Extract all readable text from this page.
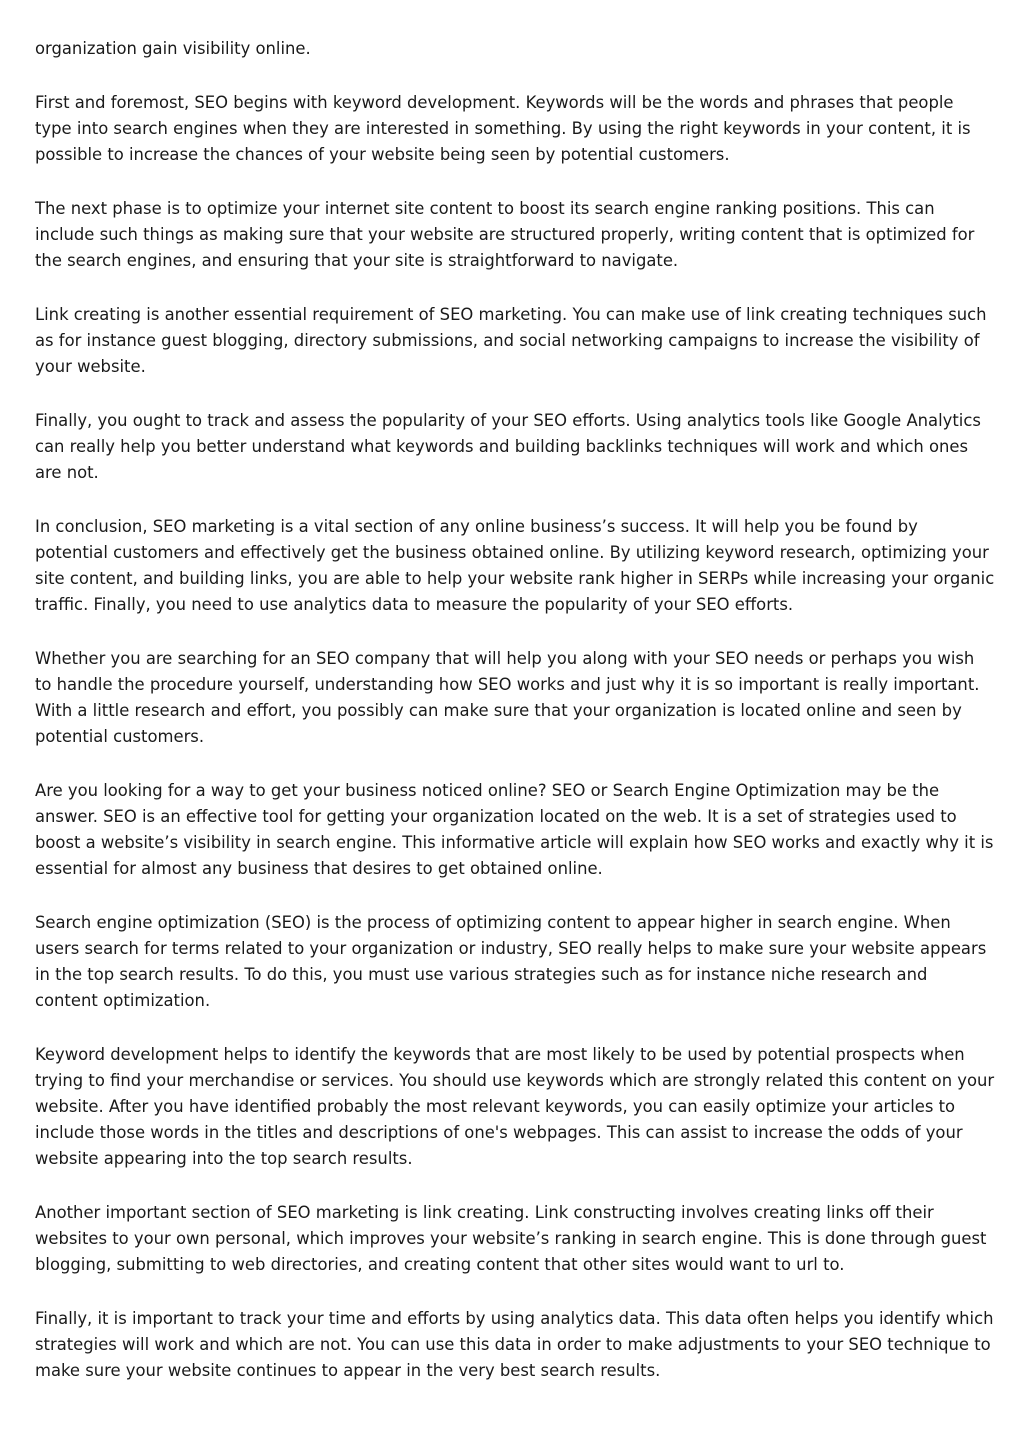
organization gain visibility online.

First and foremost, SEO begins with keyword development. Keywords will be the words and phrases that people type into search engines when they are interested in something. By using the right keywords in your content, it is possible to increase the chances of your website being seen by potential customers.

The next phase is to optimize your internet site content to boost its search engine ranking positions. This can include such things as making sure that your website are structured properly, writing content that is optimized for the search engines, and ensuring that your site is straightforward to navigate.

Link creating is another essential requirement of SEO marketing. You can make use of link creating techniques such as for instance guest blogging, directory submissions, and social networking campaigns to increase the visibility of your website.

Finally, you ought to track and assess the popularity of your SEO efforts. Using analytics tools like Google Analytics can really help you better understand what keywords and building backlinks techniques will work and which ones are not.

In conclusion, SEO marketing is a vital section of any online business’s success. It will help you be found by potential customers and effectively get the business obtained online. By utilizing keyword research, optimizing your site content, and building links, you are able to help your website rank higher in SERPs while increasing your organic traffic. Finally, you need to use analytics data to measure the popularity of your SEO efforts.

Whether you are searching for an SEO company that will help you along with your SEO needs or perhaps you wish to handle the procedure yourself, understanding how SEO works and just why it is so important is really important. With a little research and effort, you possibly can make sure that your organization is located online and seen by potential customers.

Are you looking for a way to get your business noticed online? SEO or Search Engine Optimization may be the answer. SEO is an effective tool for getting your organization located on the web. It is a set of strategies used to boost a website’s visibility in search engine. This informative article will explain how SEO works and exactly why it is essential for almost any business that desires to get obtained online.

Search engine optimization (SEO) is the process of optimizing content to appear higher in search engine. When users search for terms related to your organization or industry, SEO really helps to make sure your website appears in the top search results. To do this, you must use various strategies such as for instance niche research and content optimization.

Keyword development helps to identify the keywords that are most likely to be used by potential prospects when trying to find your merchandise or services. You should use keywords which are strongly related this content on your website. After you have identified probably the most relevant keywords, you can easily optimize your articles to include those words in the titles and descriptions of one's webpages. This can assist to increase the odds of your website appearing into the top search results.

Another important section of SEO marketing is link creating. Link constructing involves creating links off their websites to your own personal, which improves your website’s ranking in search engine. This is done through guest blogging, submitting to web directories, and creating content that other sites would want to url to.

Finally, it is important to track your time and efforts by using analytics data. This data often helps you identify which strategies will work and which are not. You can use this data in order to make adjustments to your SEO technique to make sure your website continues to appear in the very best search results.
